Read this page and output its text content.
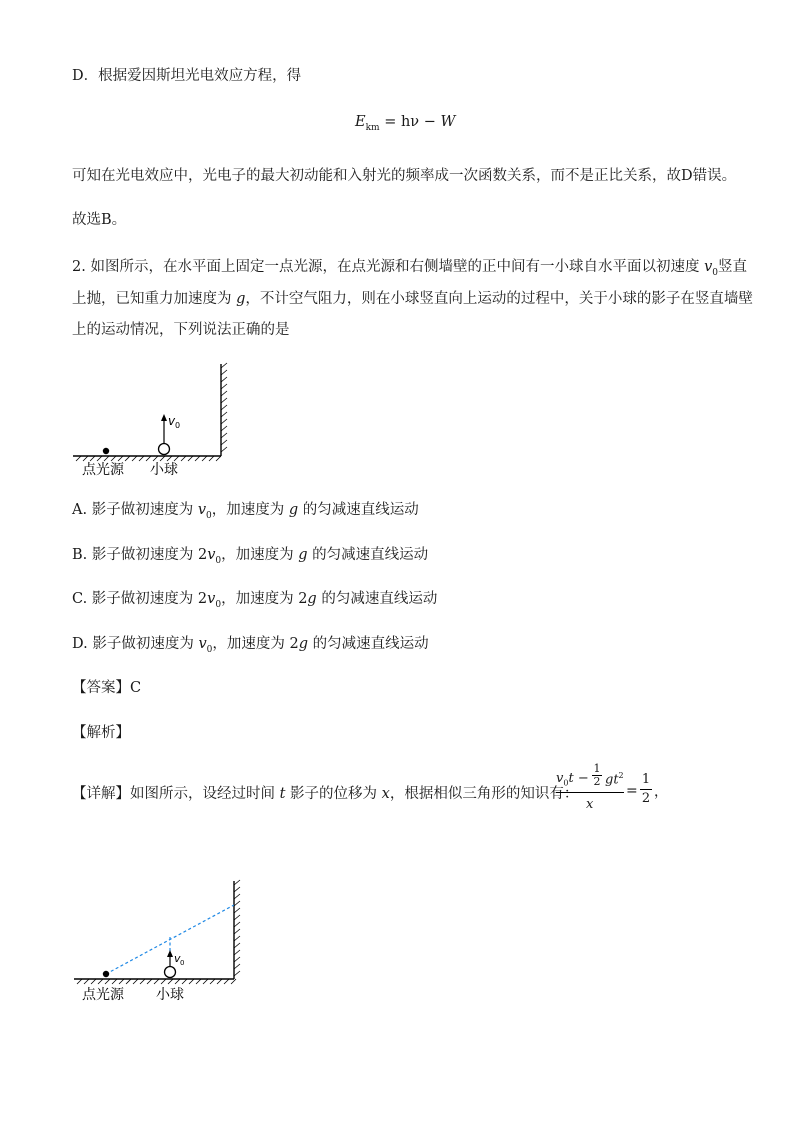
D．根据爱因斯坦光电效应方程，得
$E_{km} = h\nu - W$
可知在光电效应中，光电子的最大初动能和入射光的频率成一次函数关系，而不是正比关系，故D错误。
故选B。
2. 如图所示，在水平面上固定一点光源，在点光源和右侧墙壁的正中间有一小球自水平面以初速度 $v_0$竖直
上抛，已知重力加速度为 g，不计空气阻力，则在小球竖直向上运动的过程中，关于小球的影子在竖直墙壁
上的运动情况，下列说法正确的是
v 0
点光源 小球
A. 影子做初速度为 $v_0$，加速度为 g 的匀减速直线运动
B. 影子做初速度为 $2v_0$，加速度为 g 的匀减速直线运动
C. 影子做初速度为 $2v_0$，加速度为 2g 的匀减速直线运动
D. 影子做初速度为 $v_0$，加速度为 2g 的匀减速直线运动
【答案】C
【解析】
【详解】如图所示，设经过时间 t 影子的位移为 x，根据相似三角形的知识有：
$v_0t - \frac{1}{2} gt^2$
x
= $\frac{1}{2}$ ，
v 0
点光源 小球
